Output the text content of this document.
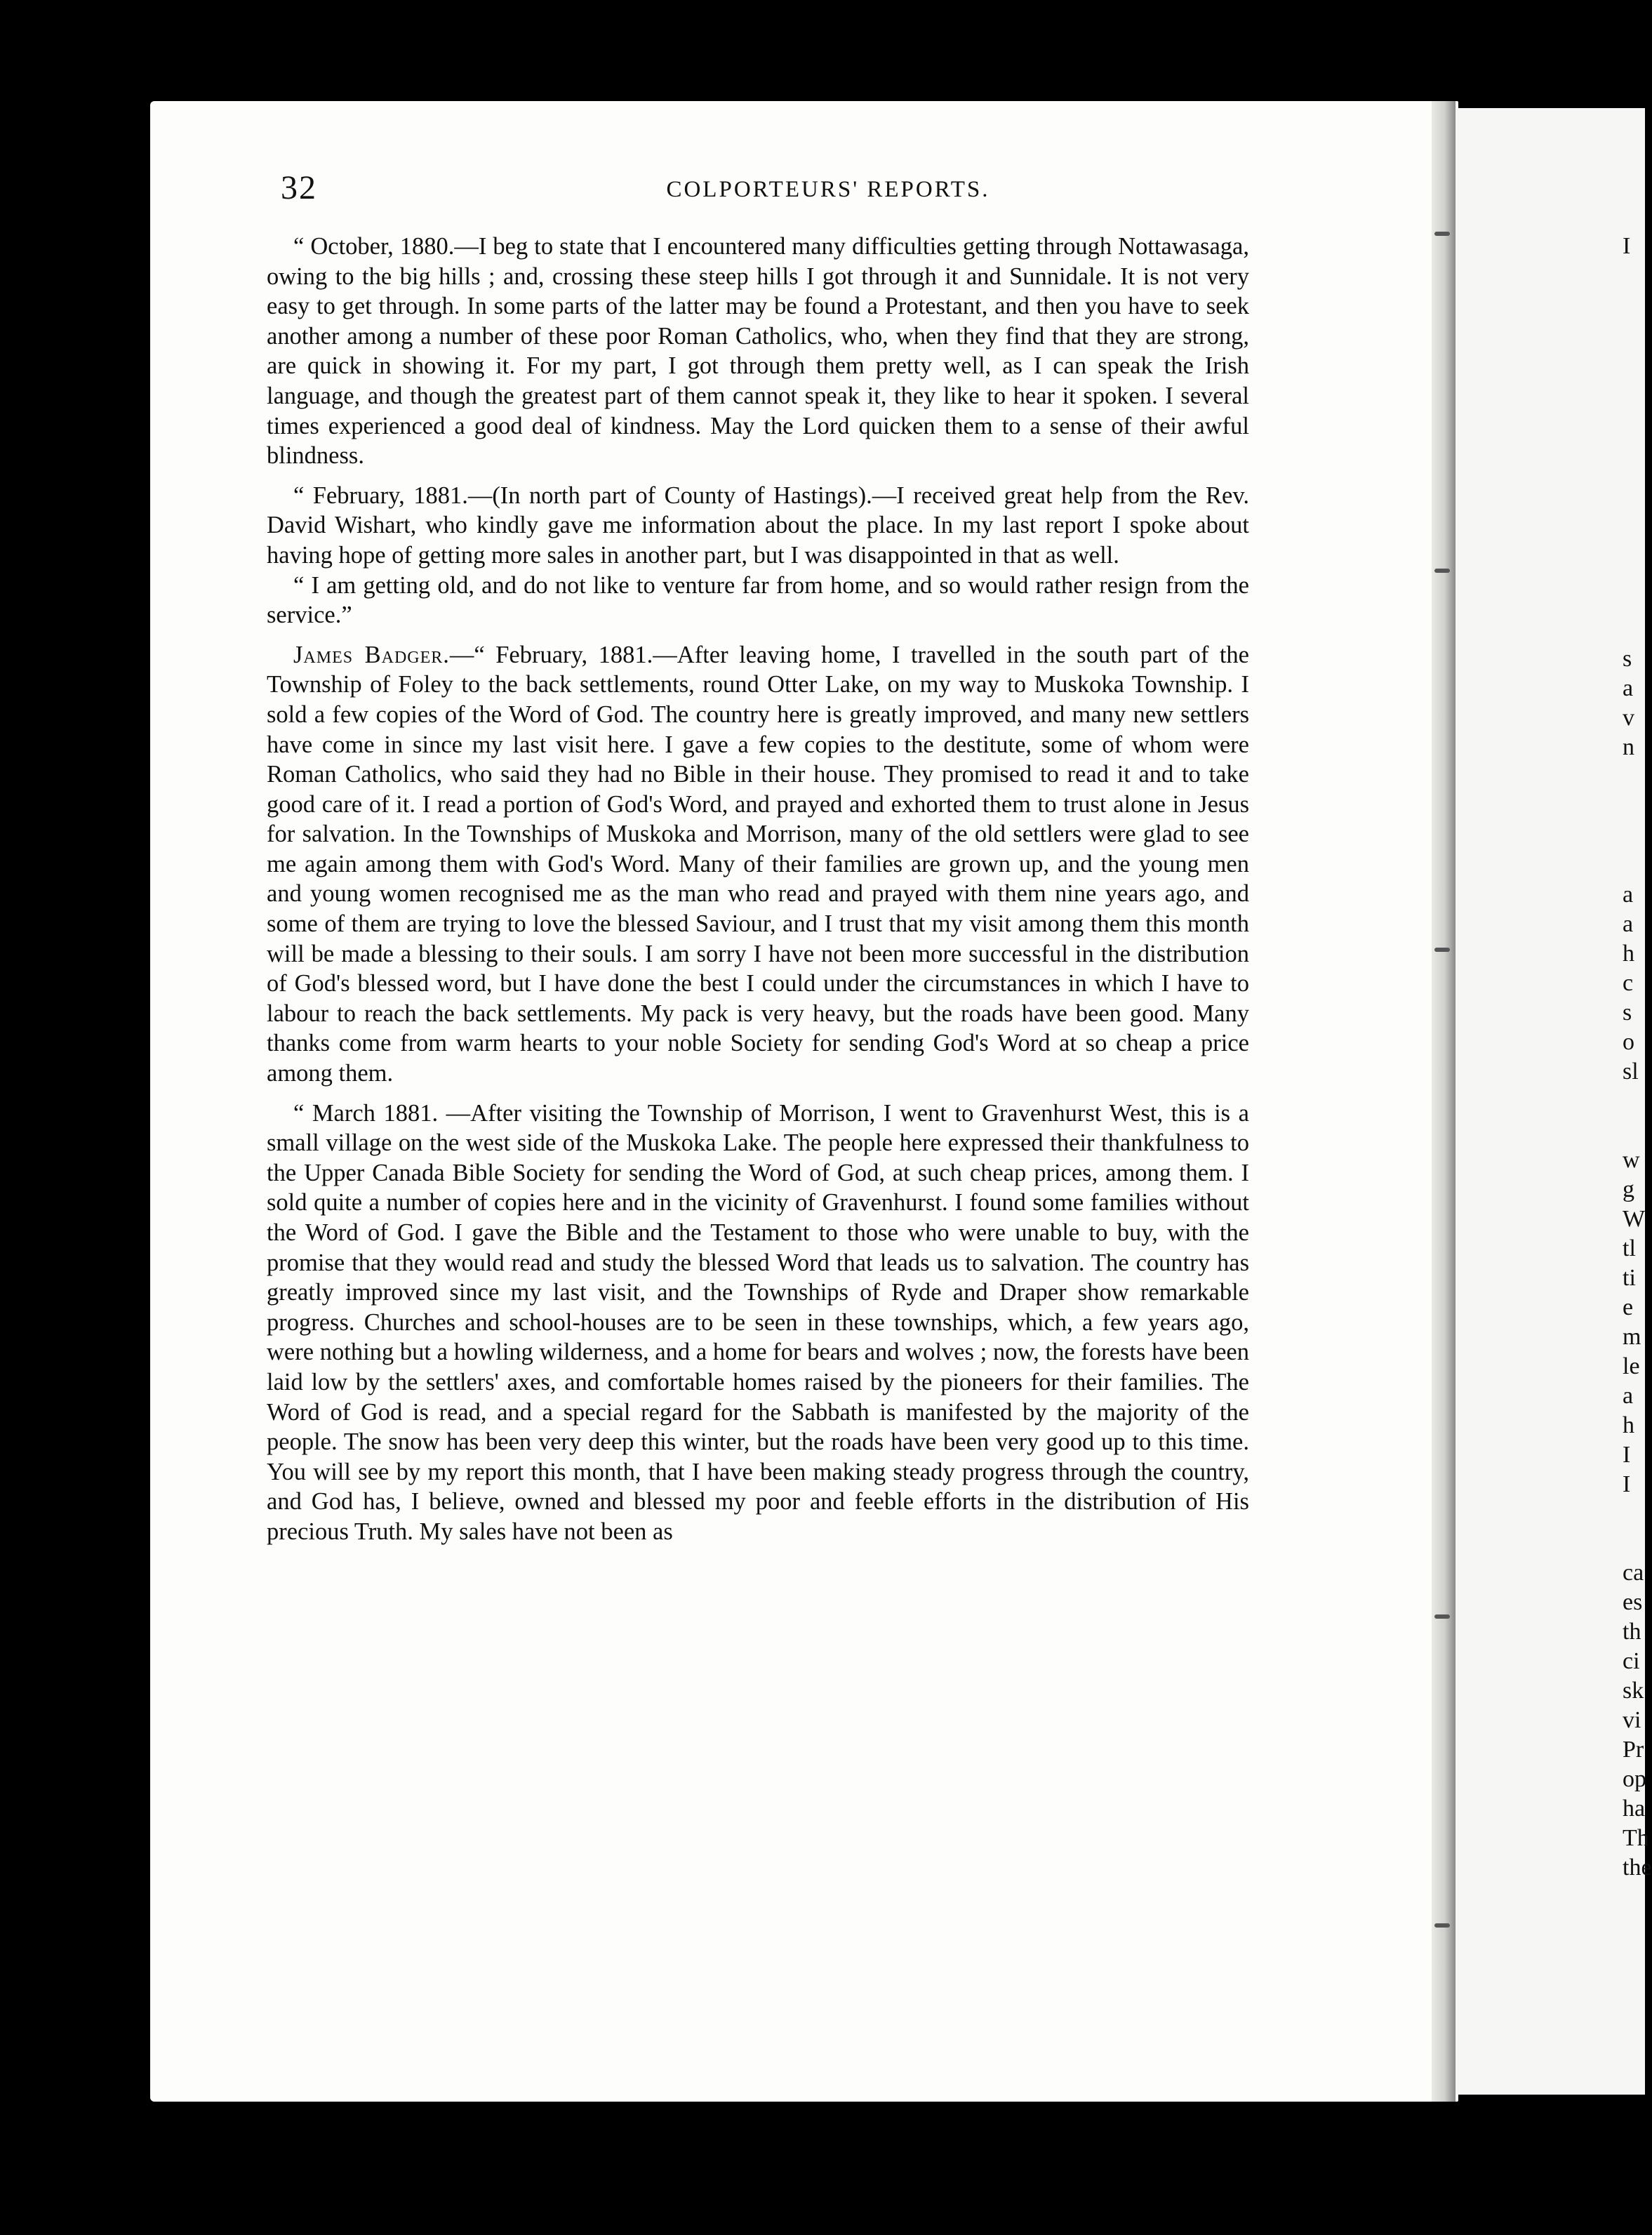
32	COLPORTEURS' REPORTS.

“ October, 1880.—I beg to state that I encountered many difficulties getting through Nottawasaga, owing to the big hills ; and, crossing these steep hills I got through it and Sunnidale. It is not very easy to get through. In some parts of the latter may be found a Protestant, and then you have to seek another among a number of these poor Roman Catholics, who, when they find that they are strong, are quick in showing it. For my part, I got through them pretty well, as I can speak the Irish language, and though the greatest part of them cannot speak it, they like to hear it spoken. I several times experienced a good deal of kindness. May the Lord quicken them to a sense of their awful blindness.

“ February, 1881.—(In north part of County of Hastings).—I received great help from the Rev. David Wishart, who kindly gave me information about the place. In my last report I spoke about having hope of getting more sales in another part, but I was disappointed in that as well.

“ I am getting old, and do not like to venture far from home, and so would rather resign from the service.”

James Badger.—“ February, 1881.—After leaving home, I travelled in the south part of the Township of Foley to the back settlements, round Otter Lake, on my way to Muskoka Township. I sold a few copies of the Word of God. The country here is greatly improved, and many new settlers have come in since my last visit here. I gave a few copies to the destitute, some of whom were Roman Catholics, who said they had no Bible in their house. They promised to read it and to take good care of it. I read a portion of God's Word, and prayed and exhorted them to trust alone in Jesus for salvation. In the Townships of Muskoka and Morrison, many of the old settlers were glad to see me again among them with God's Word. Many of their families are grown up, and the young men and young women recognised me as the man who read and prayed with them nine years ago, and some of them are trying to love the blessed Saviour, and I trust that my visit among them this month will be made a blessing to their souls. I am sorry I have not been more successful in the distribution of God's blessed word, but I have done the best I could under the circumstances in which I have to labour to reach the back settlements. My pack is very heavy, but the roads have been good. Many thanks come from warm hearts to your noble Society for sending God's Word at so cheap a price among them.

“ March 1881. —After visiting the Township of Morrison, I went to Gravenhurst West, this is a small village on the west side of the Muskoka Lake. The people here expressed their thankfulness to the Upper Canada Bible Society for sending the Word of God, at such cheap prices, among them. I sold quite a number of copies here and in the vicinity of Gravenhurst. I found some families without the Word of God. I gave the Bible and the Testament to those who were unable to buy, with the promise that they would read and study the blessed Word that leads us to salvation. The country has greatly improved since my last visit, and the Townships of Ryde and Draper show remarkable progress. Churches and school-houses are to be seen in these townships, which, a few years ago, were nothing but a howling wilderness, and a home for bears and wolves ; now, the forests have been laid low by the settlers' axes, and comfortable homes raised by the pioneers for their families. The Word of God is read, and a special regard for the Sabbath is manifested by the majority of the people. The snow has been very deep this winter, but the roads have been very good up to this time. You will see by my report this month, that I have been making steady progress through the country, and God has, I believe, owned and blessed my poor and feeble efforts in the distribution of His precious Truth. My sales have not been as

I
s
a
v
n
a
a
h
c
s
o
sl
w
g
W
tl
ti
e
m
le
a
h
I
I
ca
es
th
ci
sk
vi
Pr
op
ha
Th
the
